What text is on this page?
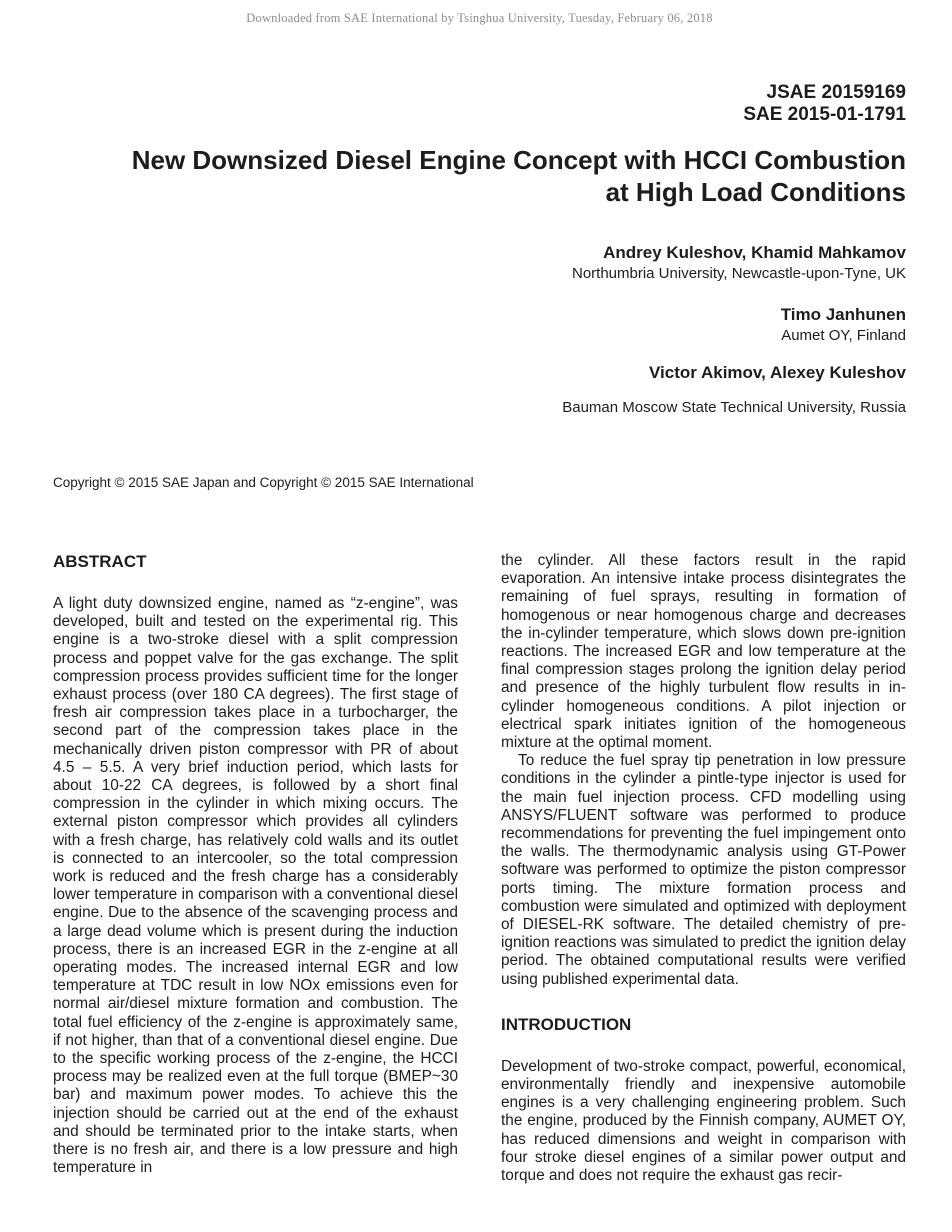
Downloaded from SAE International by Tsinghua University, Tuesday, February 06, 2018
JSAE 20159169
SAE 2015-01-1791
New Downsized Diesel Engine Concept with HCCI Combustion
at High Load Conditions
Andrey Kuleshov, Khamid Mahkamov
Northumbria University, Newcastle-upon-Tyne, UK
Timo Janhunen
Aumet OY, Finland
Victor Akimov, Alexey Kuleshov
Bauman Moscow State Technical University, Russia
Copyright © 2015 SAE Japan and Copyright © 2015 SAE International
ABSTRACT

A light duty downsized engine, named as “z-engine”, was developed, built and tested on the experimental rig. This engine is a two-stroke diesel with a split compression process and poppet valve for the gas exchange. The split compression process provides sufficient time for the longer exhaust process (over 180 CA degrees). The first stage of fresh air compression takes place in a turbocharger, the second part of the compression takes place in the mechanically driven piston compressor with PR of about 4.5 – 5.5. A very brief induction period, which lasts for about 10-22 CA degrees, is followed by a short final compression in the cylinder in which mixing occurs. The external piston compressor which provides all cylinders with a fresh charge, has relatively cold walls and its outlet is connected to an intercooler, so the total compression work is reduced and the fresh charge has a considerably lower temperature in comparison with a conventional diesel engine. Due to the absence of the scavenging process and a large dead volume which is present during the induction process, there is an increased EGR in the z-engine at all operating modes. The increased internal EGR and low temperature at TDC result in low NOx emissions even for normal air/diesel mixture formation and combustion. The total fuel efficiency of the z-engine is approximately same, if not higher, than that of a conventional diesel engine. Due to the specific working process of the z-engine, the HCCI process may be realized even at the full torque (BMEP~30 bar) and maximum power modes. To achieve this the injection should be carried out at the end of the exhaust and should be terminated prior to the intake starts, when there is no fresh air, and there is a low pressure and high temperature in

the cylinder. All these factors result in the rapid evaporation. An intensive intake process disintegrates the remaining of fuel sprays, resulting in formation of homogenous or near homogenous charge and decreases the in-cylinder temperature, which slows down pre-ignition reactions. The increased EGR and low temperature at the final compression stages prolong the ignition delay period and presence of the highly turbulent flow results in in-cylinder homogeneous conditions. A pilot injection or electrical spark initiates ignition of the homogeneous mixture at the optimal moment.

To reduce the fuel spray tip penetration in low pressure conditions in the cylinder a pintle-type injector is used for the main fuel injection process. CFD modelling using ANSYS/FLUENT software was performed to produce recommendations for preventing the fuel impingement onto the walls. The thermodynamic analysis using GT-Power software was performed to optimize the piston compressor ports timing. The mixture formation process and combustion were simulated and optimized with deployment of DIESEL-RK software. The detailed chemistry of pre-ignition reactions was simulated to predict the ignition delay period. The obtained computational results were verified using published experimental data.

INTRODUCTION

Development of two-stroke compact, powerful, economical, environmentally friendly and inexpensive automobile engines is a very challenging engineering problem. Such the engine, produced by the Finnish company, AUMET OY, has reduced dimensions and weight in comparison with four stroke diesel engines of a similar power output and torque and does not require the exhaust gas recir-
